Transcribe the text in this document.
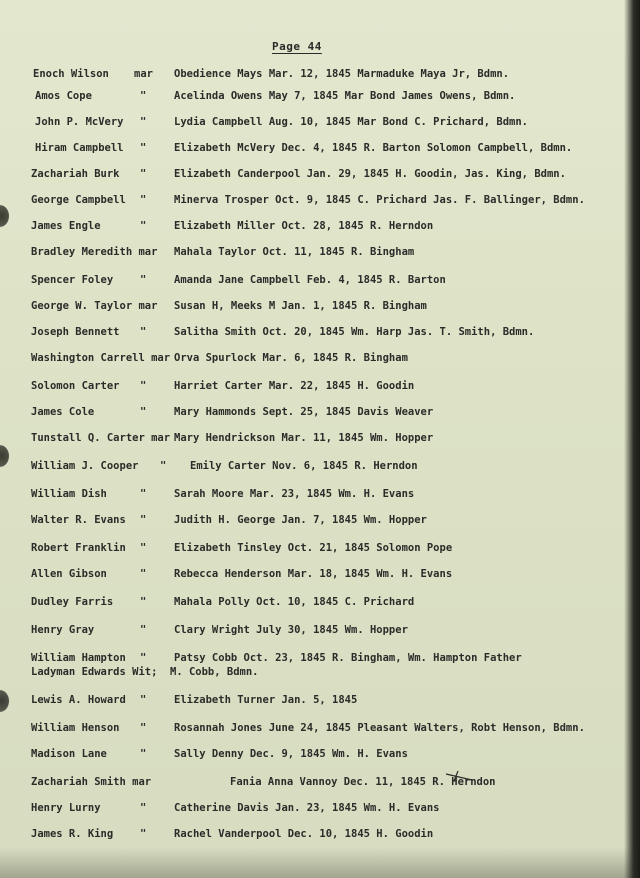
Page 44
Enoch Wilson mar Obedience Mays Mar. 12, 1845 Marmaduke Maya Jr, Bdmn.
Amos Cope	"	Acelinda Owens May 7, 1845 Mar Bond James Owens, Bdmn.
John P. McVery "	Lydia Campbell Aug. 10, 1845 Mar Bond C. Prichard, Bdmn.
Hiram Campbell "	Elizabeth McVery Dec. 4, 1845 R. Barton Solomon Campbell, Bdmn.
Zachariah Burk "	Elizabeth Canderpool Jan. 29, 1845 H. Goodin, Jas. King, Bdmn.
George Campbell "	Minerva Trosper Oct. 9, 1845 C. Prichard Jas. F. Ballinger, Bdmn.
James Engle	"	Elizabeth Miller Oct. 28, 1845 R. Herndon
Bradley Meredith mar Mahala Taylor Oct. 11, 1845 R. Bingham
Spencer Foley	"	Amanda Jane Campbell Feb. 4, 1845 R. Barton
George W. Taylor mar Susan H, Meeks M Jan. 1, 1845 R. Bingham
Joseph Bennett "	Salitha Smith Oct. 20, 1845 Wm. Harp Jas. T. Smith, Bdmn.
Washington Carrell mar Orva Spurlock Mar. 6, 1845 R. Bingham
Solomon Carter "	Harriet Carter Mar. 22, 1845 H. Goodin
James Cole	"	Mary Hammonds Sept. 25, 1845 Davis Weaver
Tunstall Q. Carter mar Mary Hendrickson Mar. 11, 1845 Wm. Hopper
William J. Cooper " Emily Carter Nov. 6, 1845 R. Herndon
William Dish	"	Sarah Moore Mar. 23, 1845 Wm. H. Evans
Walter R. Evans "	Judith H. George Jan. 7, 1845 Wm. Hopper
Robert Franklin "	Elizabeth Tinsley Oct. 21, 1845 Solomon Pope
Allen Gibson	"	Rebecca Henderson Mar. 18, 1845 Wm. H. Evans
Dudley Farris	"	Mahala Polly Oct. 10, 1845 C. Prichard
Henry Gray	"	Clary Wright July 30, 1845 Wm. Hopper
William Hampton "	Patsy Cobb Oct. 23, 1845 R. Bingham, Wm. Hampton Father
Ladyman Edwards Wit; M. Cobb, Bdmn.
Lewis A. Howard "	Elizabeth Turner Jan. 5, 1845
William Henson "	Rosannah Jones June 24, 1845 Pleasant Walters, Robt Henson, Bdmn.
Madison Lane	"	Sally Denny Dec. 9, 1845 Wm. H. Evans
Zachariah Smith mar	Fania Anna Vannoy Dec. 11, 1845 R. Herndon
Henry Lurny	"	Catherine Davis Jan. 23, 1845 Wm. H. Evans
James R. King	"	Rachel Vanderpool Dec. 10, 1845 H. Goodin
